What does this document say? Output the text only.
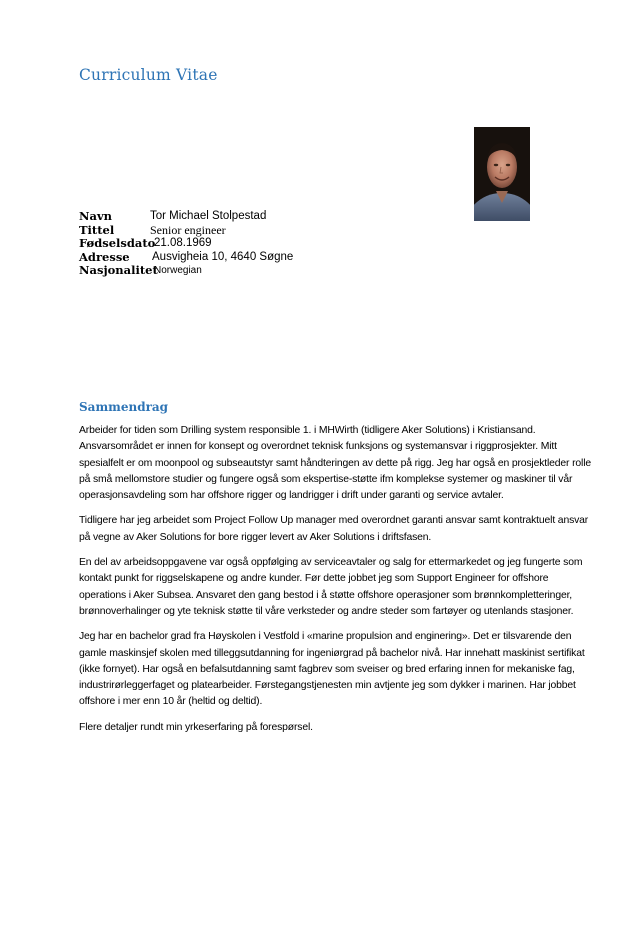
Curriculum Vitae
Navn	Tor Michael Stolpestad
Tittel	Senior engineer
Fødselsdato
21.08.1969
Adresse Ausvigheia 10, 4640 Søgne
Nasjonalitet
Norwegian
Sammendrag

Arbeider for tiden som Drilling system responsible 1. i MHWirth (tidligere Aker Solutions) i Kristiansand. Ansvarsområdet er innen for konsept og overordnet teknisk funksjons og systemansvar i riggprosjekter. Mitt spesialfelt er om moonpool og subseautstyr samt håndteringen av dette på rigg. Jeg har også en prosjektleder rolle på små mellomstore studier og fungere også som ekspertise-støtte ifm komplekse systemer og maskiner til vår operasjonsavdeling som har offshore rigger og landrigger i drift under garanti og service avtaler.

Tidligere har jeg arbeidet som Project Follow Up manager med overordnet garanti ansvar samt kontraktuelt ansvar på vegne av Aker Solutions for bore rigger levert av Aker Solutions i driftsfasen.

En del av arbeidsoppgavene var også oppfølging av serviceavtaler og salg for ettermarkedet og jeg fungerte som kontakt punkt for riggselskapene og andre kunder. Før dette jobbet jeg som Support Engineer for offshore operations i Aker Subsea. Ansvaret den gang bestod i å støtte offshore operasjoner som brønnkompletteringer, brønnoverhalinger og yte teknisk støtte til våre verksteder og andre steder som fartøyer og utenlands stasjoner.

Jeg har en bachelor grad fra Høyskolen i Vestfold i «marine propulsion and enginering». Det er tilsvarende den gamle maskinsjef skolen med tilleggsutdanning for ingeniørgrad på bachelor nivå. Har innehatt maskinist sertifikat (ikke fornyet). Har også en befalsutdanning samt fagbrev som sveiser og bred erfaring innen for mekaniske fag, industrirørleggerfaget og platearbeider. Førstegangstjenesten min avtjente jeg som dykker i marinen. Har jobbet offshore i mer enn 10 år (heltid og deltid).

Flere detaljer rundt min yrkeserfaring på forespørsel.
